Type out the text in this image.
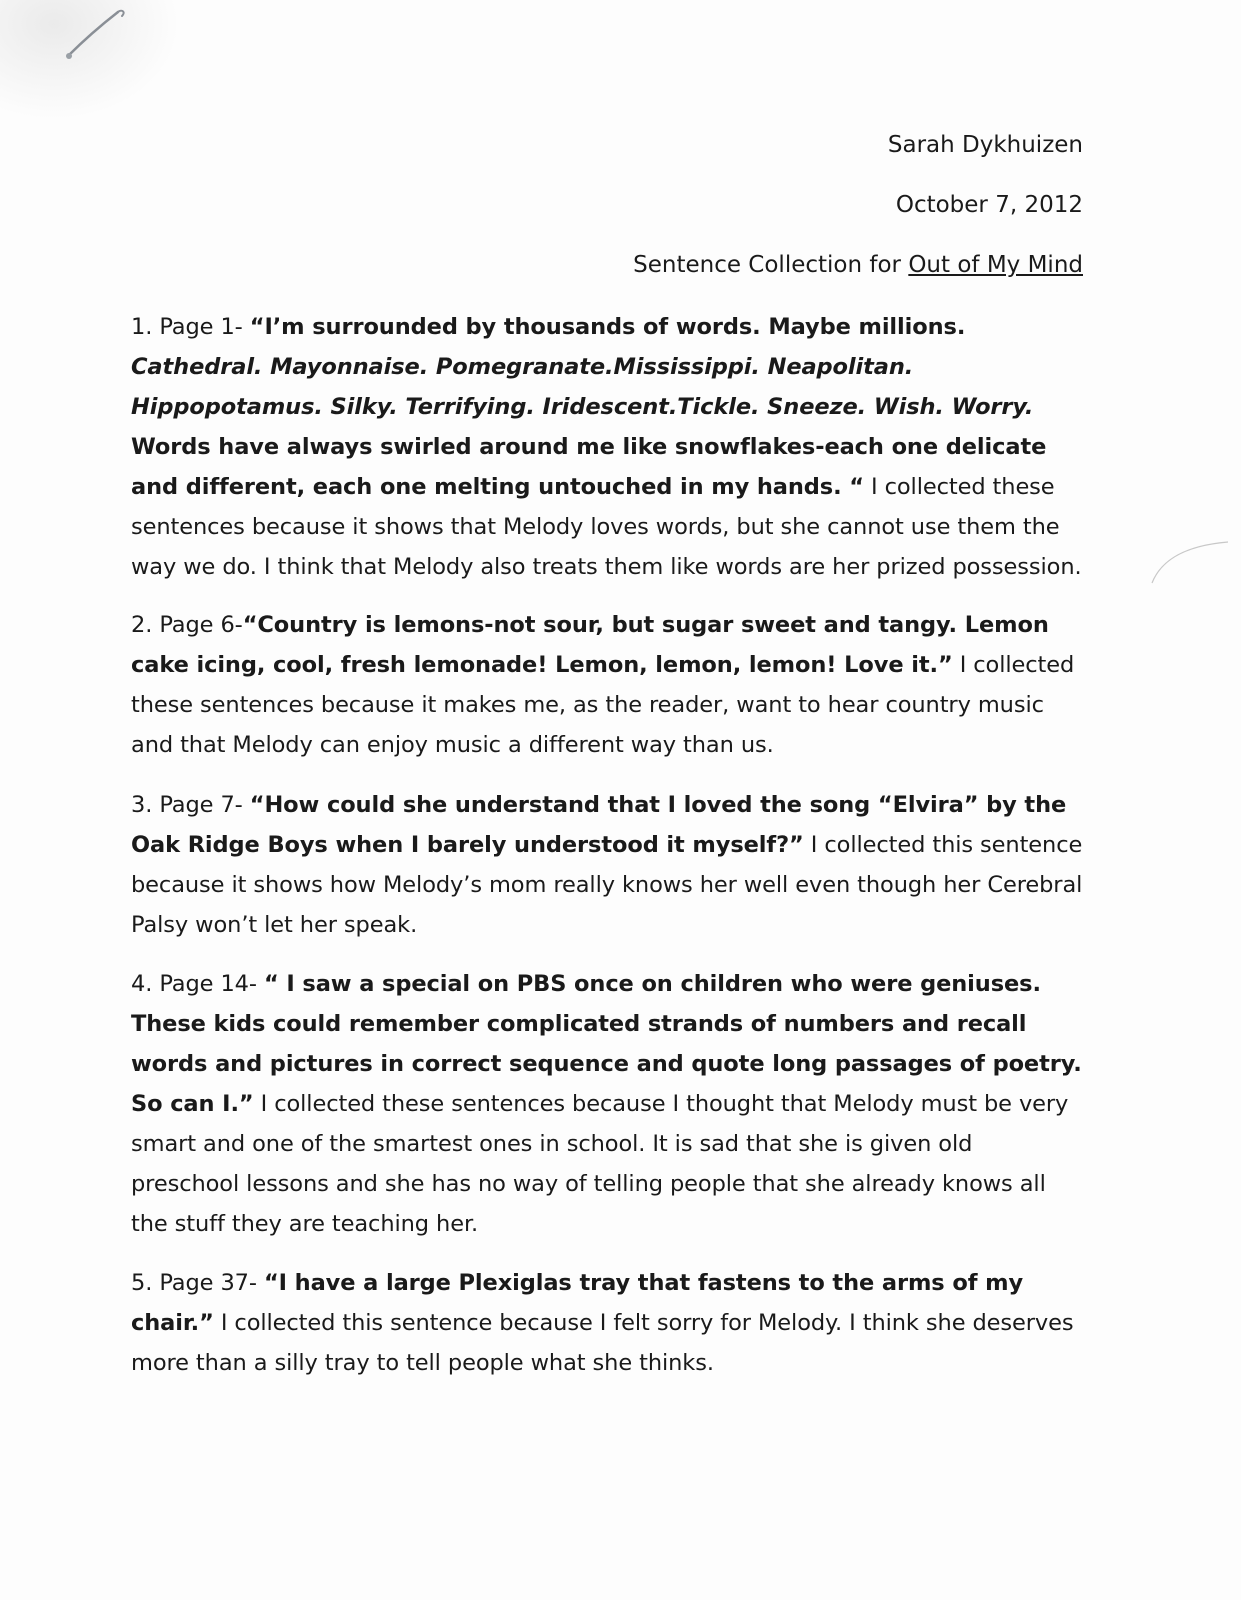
Sarah Dykhuizen
October 7, 2012
Sentence Collection for Out of My Mind
1. Page 1- “I’m surrounded by thousands of words. Maybe millions. Cathedral. Mayonnaise. Pomegranate.Mississippi. Neapolitan. Hippopotamus. Silky. Terrifying. Iridescent.Tickle. Sneeze. Wish. Worry. Words have always swirled around me like snowflakes-each one delicate and different, each one melting untouched in my hands. “ I collected these sentences because it shows that Melody loves words, but she cannot use them the way we do. I think that Melody also treats them like words are her prized possession.
2. Page 6-“Country is lemons-not sour, but sugar sweet and tangy. Lemon cake icing, cool, fresh lemonade! Lemon, lemon, lemon! Love it.” I collected these sentences because it makes me, as the reader, want to hear country music and that Melody can enjoy music a different way than us.
3. Page 7- “How could she understand that I loved the song “Elvira” by the Oak Ridge Boys when I barely understood it myself?” I collected this sentence because it shows how Melody’s mom really knows her well even though her Cerebral Palsy won’t let her speak.
4. Page 14- “ I saw a special on PBS once on children who were geniuses. These kids could remember complicated strands of numbers and recall words and pictures in correct sequence and quote long passages of poetry. So can I.” I collected these sentences because I thought that Melody must be very smart and one of the smartest ones in school. It is sad that she is given old preschool lessons and she has no way of telling people that she already knows all the stuff they are teaching her.
5. Page 37- “I have a large Plexiglas tray that fastens to the arms of my chair.” I collected this sentence because I felt sorry for Melody. I think she deserves more than a silly tray to tell people what she thinks.
